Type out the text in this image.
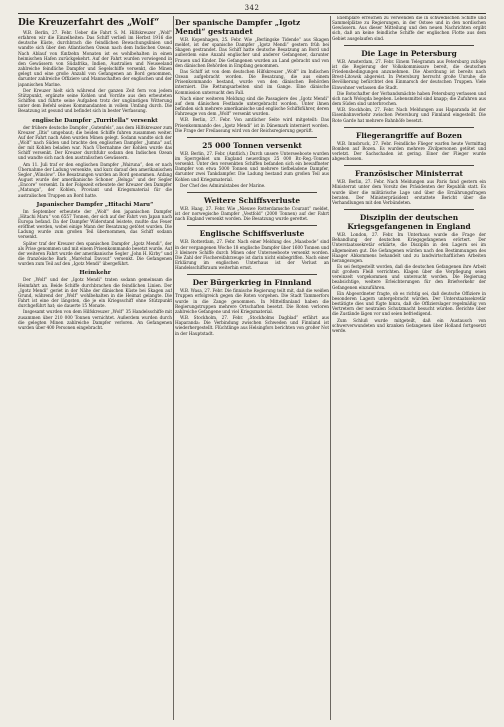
342
Die Kreuzerfahrt des „Wolf“
W.B. Berlin, 27. Febr. Ueber die Fahrt S. M. Hilfskreuzer „Wolf“ erfahren wir die Einzelheiten: Das Schiff verließ im Herbst 1916 die deutsche Küste, durchbrach die feindlichen Bewachungslinien und wandte sich über den Atlantischen Ozean nach dem Indischen Ozean. Nach Ablauf von fünfzehn Monaten ist es wohlbehalten in einen heimischen Hafen zurückgekehrt. Auf der Fahrt wurden vorwiegend in den Gewässern von Südafrika, Indien, Australien und Neuseeland zahlreiche feindliche Dampfer und Segelschiffe versenkt, die Minen gelegt und eine große Anzahl von Gefangenen an Bord genommen, darunter zahlreiche Offiziere und Mannschaften der englischen und der japanischen Marine.
Der Kreuzer hielt sich während der ganzen Zeit fern von jedem Stützpunkt, ergänzte seine Kohlen und Vorräte aus den erbeuteten Schiffen und führte seine Aufgaben trotz der ungünstigen Witterung unter dem Befehl seines Kommandanten in vollem Umfang durch. Die Besatzung ist gesund und befindet sich in bester Verfassung.
englische Dampfer „Turritella“ versenkt
der frühere deutsche Dampfer „Gutenfels“, aus dem Hilfskreuzer zum Kreuzer „Iltis“ umgebaut; die beiden Schiffe fuhren zusammen weiter. Auf der Fahrt nach Aden wurden Minen gelegt. Sodann wandte sich der „Wolf“ nach Süden und brachte den englischen Dampfer „Jumna“ auf, der mit Kohlen beladen war. Nach Übernahme der Kohlen wurde das Schiff versenkt. Der Kreuzer durchfuhr sodann den Indischen Ozean und wandte sich nach den australischen Gewässern.
Am 11. Juli traf er den englischen Dampfer „Wairuna“, den er nach Übernahme der Ladung versenkte, und kurz darauf den amerikanischen Segler „Winslow“. Die Besatzungen wurden an Bord genommen. Anfang August wurde der amerikanische Schoner „Beluga“ und der Segler „Encore“ versenkt. In der Folgezeit erbeutete der Kreuzer den Dampfer „Matunga“, der Kohlen, Proviant und Kriegsmaterial für die australischen Truppen an Bord hatte.
Japanischer Dampfer „Hitachi Maru“
Im September erbeutete der „Wolf“ den japanischen Dampfer „Hitachi Maru“ von 6557 Tonnen, der sich auf der Fahrt von Japan nach Europa befand. Da der Dampfer Widerstand leistete, mußte das Feuer eröffnet werden, wobei einige Mann der Besatzung getötet wurden. Die Ladung wurde zum großen Teil übernommen, das Schiff sodann versenkt.
Später traf der Kreuzer den spanischen Dampfer „Igotz Mendi“, der als Prise genommen und mit einem Prisenkommando besetzt wurde. Auf der weiteren Fahrt wurde der amerikanische Segler „John H. Kirby“ und die französische Bark „Maréchal Davout“ versenkt. Die Gefangenen wurden zum Teil auf den „Igotz Mendi“ übergeführt.
Heimkehr
Der „Wolf“ und der „Igotz Mendi“ traten sodann gemeinsam die Heimfahrt an. Beide Schiffe durchbrachen die feindlichen Linien. Der „Igotz Mendi“ geriet in der Nähe der dänischen Küste bei Skagen auf Grund, während der „Wolf“ wohlbehalten in die Heimat gelangte. Die Fahrt ist eine der längsten, die je ein Kriegsschiff ohne Stützpunkt durchgeführt hat; sie dauerte 15 Monate.
Insgesamt wurden von dem Hilfskreuzer „Wolf“ 35 Handelsschiffe mit zusammen über 210 000 Tonnen vernichtet. Außerdem wurden durch die gelegten Minen zahlreiche Dampfer verloren. An Gefangenen wurden über 400 Personen eingebracht.
Der spanische Dampfer „Igotz Mendi“ gestrandet
W.B. Kopenhagen, 25. Febr. Wie „Berlingske Tidende“ aus Skagen meldet, ist der spanische Dampfer „Igotz Mendi“ gestern früh bei Skagen gestrandet. Das Schiff hatte deutsche Besatzung an Bord und außerdem eine Anzahl englischer und anderer Gefangener, darunter Frauen und Kinder. Die Gefangenen wurden an Land gebracht und von den dänischen Behörden in Empfang genommen.
Das Schiff ist von dem deutschen Hilfskreuzer „Wolf“ im Indischen Ozean aufgebracht worden. Die Besatzung, die aus einem Prisenkommando bestand, wurde von den dänischen Behörden interniert. Die Rettungsarbeiten sind im Gange. Eine dänische Kommission untersucht den Fall.
Nach einer weiteren Meldung sind die Passagiere des „Igotz Mendi“ auf dem dänischen Festlande untergebracht worden. Unter ihnen befinden sich mehrere amerikanische und englische Schiffsführer, deren Fahrzeuge von dem „Wolf“ versenkt wurden.
W.B. Berlin, 27. Febr. Von amtlicher Seite wird mitgeteilt: Das Prisenkommando des „Igotz Mendi“ ist in Dänemark interniert worden. Die Frage der Freilassung wird von der Reichsregierung geprüft.
25 000 Tonnen versenkt
W.B. Berlin, 27. Febr. (Amtlich.) Durch unsere Unterseeboote wurden im Sperrgebiet um England neuerdings 25 000 Br.-Reg.-Tonnen versenkt. Unter den versenkten Schiffen befanden sich ein bewaffneter Dampfer von etwa 5000 Tonnen und mehrere tiefbeladene Dampfer, darunter zwei Tankdampfer. Die Ladung bestand zum großen Teil aus Kohlen und Kriegsmaterial.
Der Chef des Admiralstabes der Marine.
Weitere Schiffsverluste
W.B. Haag, 27. Febr. Wie „Nieuwe Rotterdamsche Courant“ meldet, ist der norwegische Dampfer „Vestfold“ (2000 Tonnen) auf der Fahrt nach England versenkt worden. Die Besatzung wurde gerettet.
Englische Schiffsverluste
W.B. Rotterdam, 27. Febr. Nach einer Meldung des „Maasbode“ sind in der vergangenen Woche 18 englische Dampfer über 1600 Tonnen und 3 kleinere Schiffe durch Minen oder Unterseeboote versenkt worden. Die Zahl der Fischereifahrzeuge ist darin nicht einbegriffen. Nach einer Erklärung im englischen Unterhaus ist der Verlust an Handelsschiffsraum weiterhin ernst.
Der Bürgerkrieg in Finnland
W.B. Wasa, 27. Febr. Die finnische Regierung teilt mit, daß die weißen Truppen erfolgreich gegen die Roten vorgehen. Die Stadt Tammerfors wurde in die Zange genommen. In Mittelfinnland haben die Regierungstruppen mehrere Ortschaften besetzt. Die Roten verloren zahlreiche Gefangene und viel Kriegsmaterial.
W.B. Stockholm, 27. Febr. „Stockholms Dagblad“ erfährt aus Haparanda: Die Verbindung zwischen Schweden und Finnland ist wiederhergestellt. Flüchtlinge aus Helsingfors berichten von großer Not in der Hauptstadt.
Exemplare erreichen zu verwenden die in schwedischen Schiffe und Sammelplätze zu Regierungen, in der Ostsee und in den nordischen Gewässern. Aus dieser Mitteilung und den neuen Nachrichten ergibt sich, daß an keine feindliche Schiffe der englischen Flotte aus dem Gebiet ausgelaufen sind.
Die Lage in Petersburg
W.B. Amsterdam, 27. Febr. Einem Telegramm aus Petersburg zufolge ist die Regierung der Volkskommissare bereit, die deutschen Friedensbedingungen anzunehmen. Die Abordnung ist bereits nach Brest-Litowsk abgereist. In Petersburg herrscht große Unruhe; die Bevölkerung befürchtet den Einmarsch der deutschen Truppen. Viele Einwohner verlassen die Stadt.
Die Botschafter der Verbandsmächte haben Petersburg verlassen und sich nach Wologda begeben. Lebensmittel sind knapp; die Zufuhren aus dem Süden sind unterbrochen.
W.B. Stockholm, 27. Febr. Nach Meldungen aus Haparanda ist der Eisenbahnverkehr zwischen Petersburg und Finnland eingestellt. Die Rote Garde hat mehrere Bahnhöfe besetzt.
Fliegerangriffe auf Bozen
W.B. Innsbruck, 27. Febr. Feindliche Flieger warfen heute Vormittag Bomben auf Bozen. Es wurden mehrere Zivilpersonen getötet und verletzt. Der Sachschaden ist gering. Einer der Flieger wurde abgeschossen.
Französischer Ministerrat
W.B. Berlin, 27. Febr. Nach Meldungen aus Paris fand gestern ein Ministerrat unter dem Vorsitz des Präsidenten der Republik statt. Es wurde über die militärische Lage und über die Ernährungsfragen beraten. Der Ministerpräsident erstattete Bericht über die Verhandlungen mit den Verbündeten.
Disziplin der deutschen Kriegsgefangenen in England
W.B. London, 27. Febr. Im Unterhaus wurde die Frage der Behandlung der deutschen Kriegsgefangenen erörtert. Der Unterstaatssekretär erklärte, die Disziplin in den Lagern sei im allgemeinen gut. Die Gefangenen würden nach den Bestimmungen des Haager Abkommens behandelt und zu landwirtschaftlichen Arbeiten herangezogen.
Es sei festgestellt worden, daß die deutschen Gefangenen ihre Arbeit mit großem Fleiß verrichten. Klagen über die Verpflegung seien vereinzelt vorgekommen und untersucht worden. Die Regierung beabsichtige, weitere Erleichterungen für den Briefverkehr der Gefangenen einzuführen.
Ein Abgeordneter fragte, ob es richtig sei, daß deutsche Offiziere in besonderen Lagern untergebracht würden. Der Unterstaatssekretär bestätigte dies und fügte hinzu, daß die Offizierslager regelmäßig von Vertretern der neutralen Schutzmacht besucht würden. Berichte über die Zustände lägen vor und seien befriedigend.
Zum Schluß wurde mitgeteilt, daß ein Austausch von schwerverwundeten und kranken Gefangenen über Holland fortgesetzt werde.
